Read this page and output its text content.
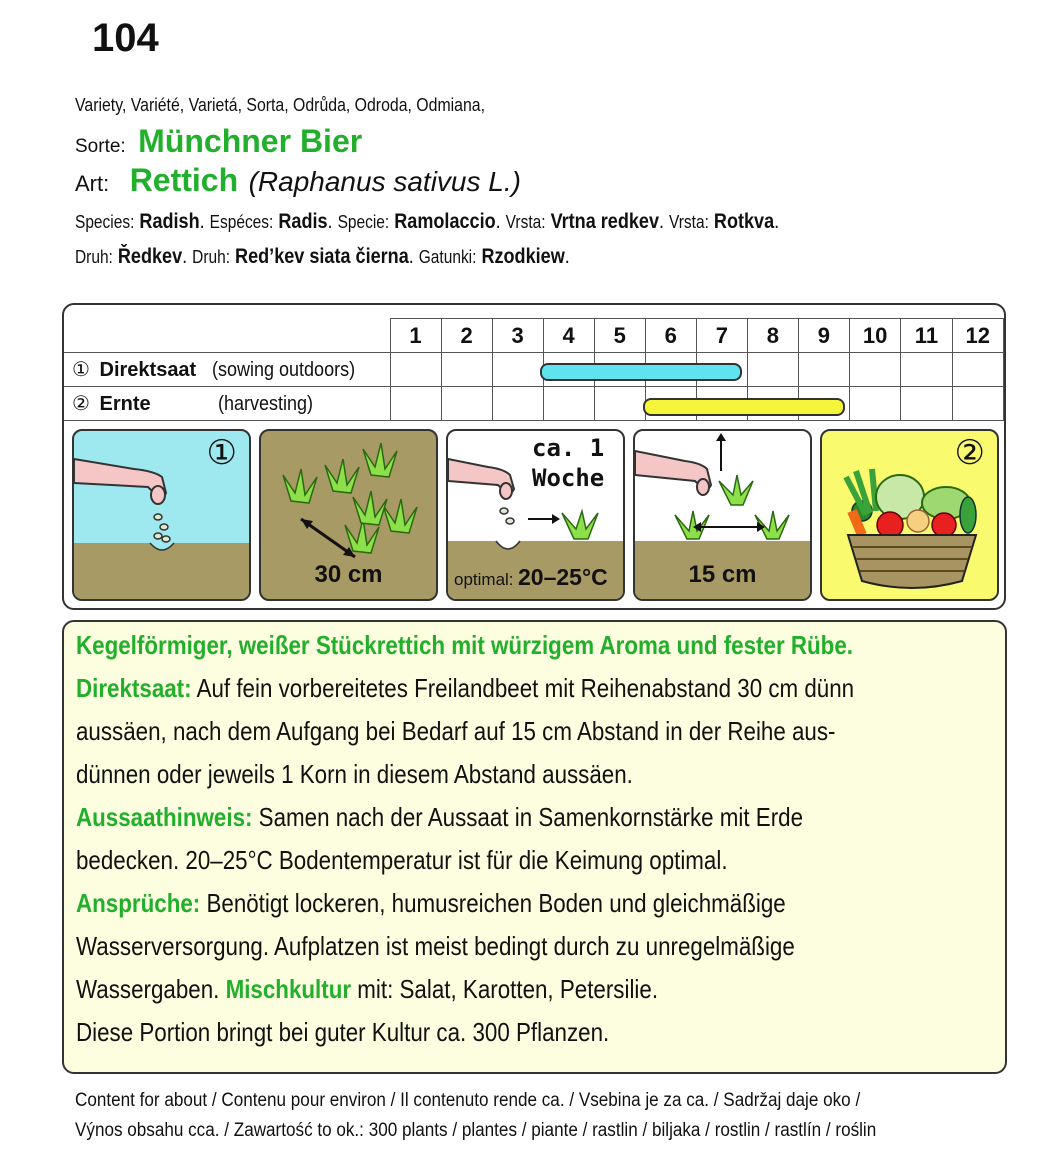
104
Variety, Variété, Varietá, Sorta, Odrůda, Odroda, Odmiana,
Sorte: Münchner Bier
Art: Rettich (Raphanus sativus L.)
Species: Radish. Espéces: Radis. Specie: Ramolaccio. Vrsta: Vrtna redkev. Vrsta: Rotkva.
Druh: Ředkev. Druh: Red’kev siata čierna. Gatunki: Rzodkiew.
	1	2	3	4	5	6	7	8	9	10	11	12
① Direktsaat (sowing outdoors)												
② Ernte (harvesting)												
①
30 cm
ca. 1
Woche
optimal: 20–25°C	15 cm
②

Kegelförmiger, weißer Stückrettich mit würzigem Aroma und fester Rübe.

Direktsaat: Auf fein vorbereitetes Freilandbeet mit Reihenabstand 30 cm dünn

aussäen, nach dem Aufgang bei Bedarf auf 15 cm Abstand in der Reihe aus-

dünnen oder jeweils 1 Korn in diesem Abstand aussäen.

Aussaathinweis: Samen nach der Aussaat in Samenkornstärke mit Erde

bedecken. 20–25°C Bodentemperatur ist für die Keimung optimal.

Ansprüche: Benötigt lockeren, humusreichen Boden und gleichmäßige

Wasserversorgung. Aufplatzen ist meist bedingt durch zu unregelmäßige

Wassergaben. Mischkultur mit: Salat, Karotten, Petersilie.

Diese Portion bringt bei guter Kultur ca. 300 Pflanzen.

Content for about / Contenu pour environ / Il contenuto rende ca. / Vsebina je za ca. / Sadržaj daje oko /
Výnos obsahu cca. / Zawartość to ok.: 300 plants / plantes / piante / rastlin / biljaka / rostlin / rastlín / roślin
